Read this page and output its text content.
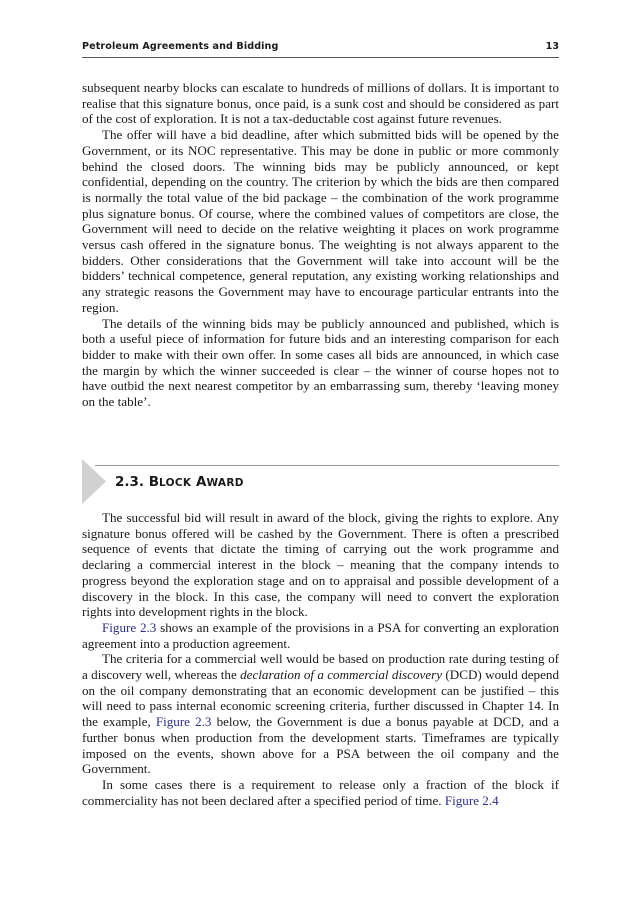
Petroleum Agreements and Bidding	13

subsequent nearby blocks can escalate to hundreds of millions of dollars. It is important to realise that this signature bonus, once paid, is a sunk cost and should be considered as part of the cost of exploration. It is not a tax-deductable cost against future revenues.

The offer will have a bid deadline, after which submitted bids will be opened by the Government, or its NOC representative. This may be done in public or more commonly behind the closed doors. The winning bids may be publicly announced, or kept confidential, depending on the country. The criterion by which the bids are then compared is normally the total value of the bid package – the combination of the work programme plus signature bonus. Of course, where the combined values of competitors are close, the Government will need to decide on the relative weighting it places on work programme versus cash offered in the signature bonus. The weighting is not always apparent to the bidders. Other considerations that the Government will take into account will be the bidders’ technical competence, general reputation, any existing working relationships and any strategic reasons the Government may have to encourage particular entrants into the region.

The details of the winning bids may be publicly announced and published, which is both a useful piece of information for future bids and an interesting comparison for each bidder to make with their own offer. In some cases all bids are announced, in which case the margin by which the winner succeeded is clear – the winner of course hopes not to have outbid the next nearest competitor by an embarrassing sum, thereby ‘leaving money on the table’.

2.3. BLOCK AWARD

The successful bid will result in award of the block, giving the rights to explore. Any signature bonus offered will be cashed by the Government. There is often a prescribed sequence of events that dictate the timing of carrying out the work programme and declaring a commercial interest in the block – meaning that the company intends to progress beyond the exploration stage and on to appraisal and possible development of a discovery in the block. In this case, the company will need to convert the exploration rights into development rights in the block.

Figure 2.3 shows an example of the provisions in a PSA for converting an exploration agreement into a production agreement.

The criteria for a commercial well would be based on production rate during testing of a discovery well, whereas the declaration of a commercial discovery (DCD) would depend on the oil company demonstrating that an economic development can be justified – this will need to pass internal economic screening criteria, further discussed in Chapter 14. In the example, Figure 2.3 below, the Government is due a bonus payable at DCD, and a further bonus when production from the development starts. Timeframes are typically imposed on the events, shown above for a PSA between the oil company and the Government.

In some cases there is a requirement to release only a fraction of the block if commerciality has not been declared after a specified period of time. Figure 2.4
